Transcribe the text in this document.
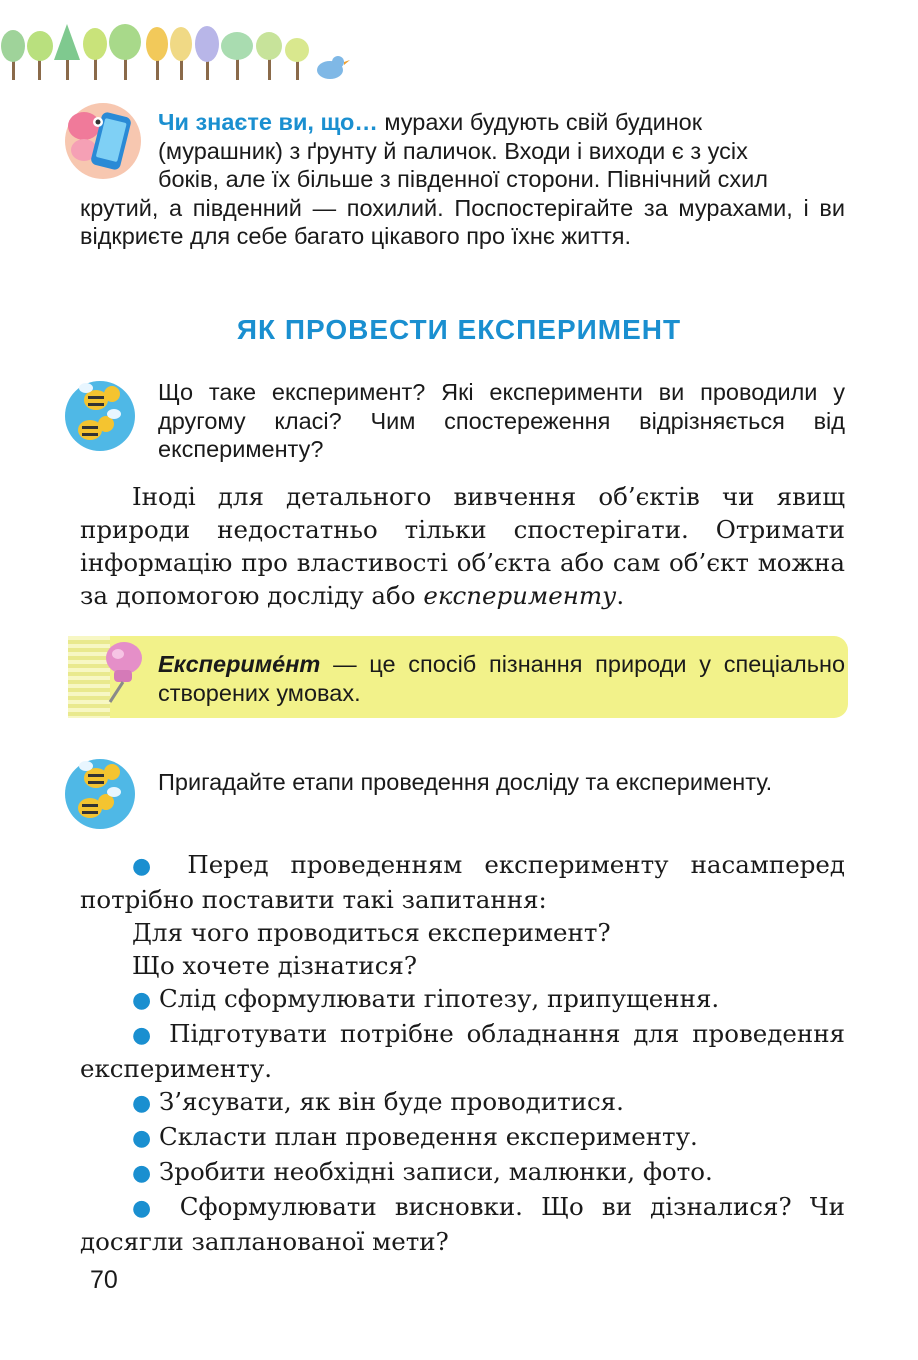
Чи знаєте ви, що… мурахи будують свій будинок
(мурашник) з ґрунту й паличок. Входи і виходи є з усіх
боків, але їх більше з південної сторони. Північний схил
крутий, а південний — похилий. Поспостерігайте за мурахами, і ви відкриєте для себе багато цікавого про їхнє життя.
ЯК ПРОВЕСТИ ЕКСПЕРИМЕНТ
Що таке експеримент? Які експерименти ви проводили у другому класі? Чим спостереження відрізняється від експерименту?
Іноді для детального вивчення об’єктів чи явищ природи недостатньо тільки спостерігати. Отримати інформацію про властивості об’єкта або сам об’єкт можна за допомогою досліду або експерименту.
Експериме́нт — це спосіб пізнання природи у спеціально створених умовах.
Пригадайте етапи проведення досліду та експерименту.
● Перед проведенням експерименту насамперед потрібно поставити такі запитання:
Для чого проводиться експеримент?
Що хочете дізнатися?
● Слід сформулювати гіпотезу, припущення.
● Підготувати потрібне обладнання для проведення експерименту.
● З’ясувати, як він буде проводитися.
● Скласти план проведення експерименту.
● Зробити необхідні записи, малюнки, фото.
● Сформулювати висновки. Що ви дізналися? Чи досягли запланованої мети?
70
